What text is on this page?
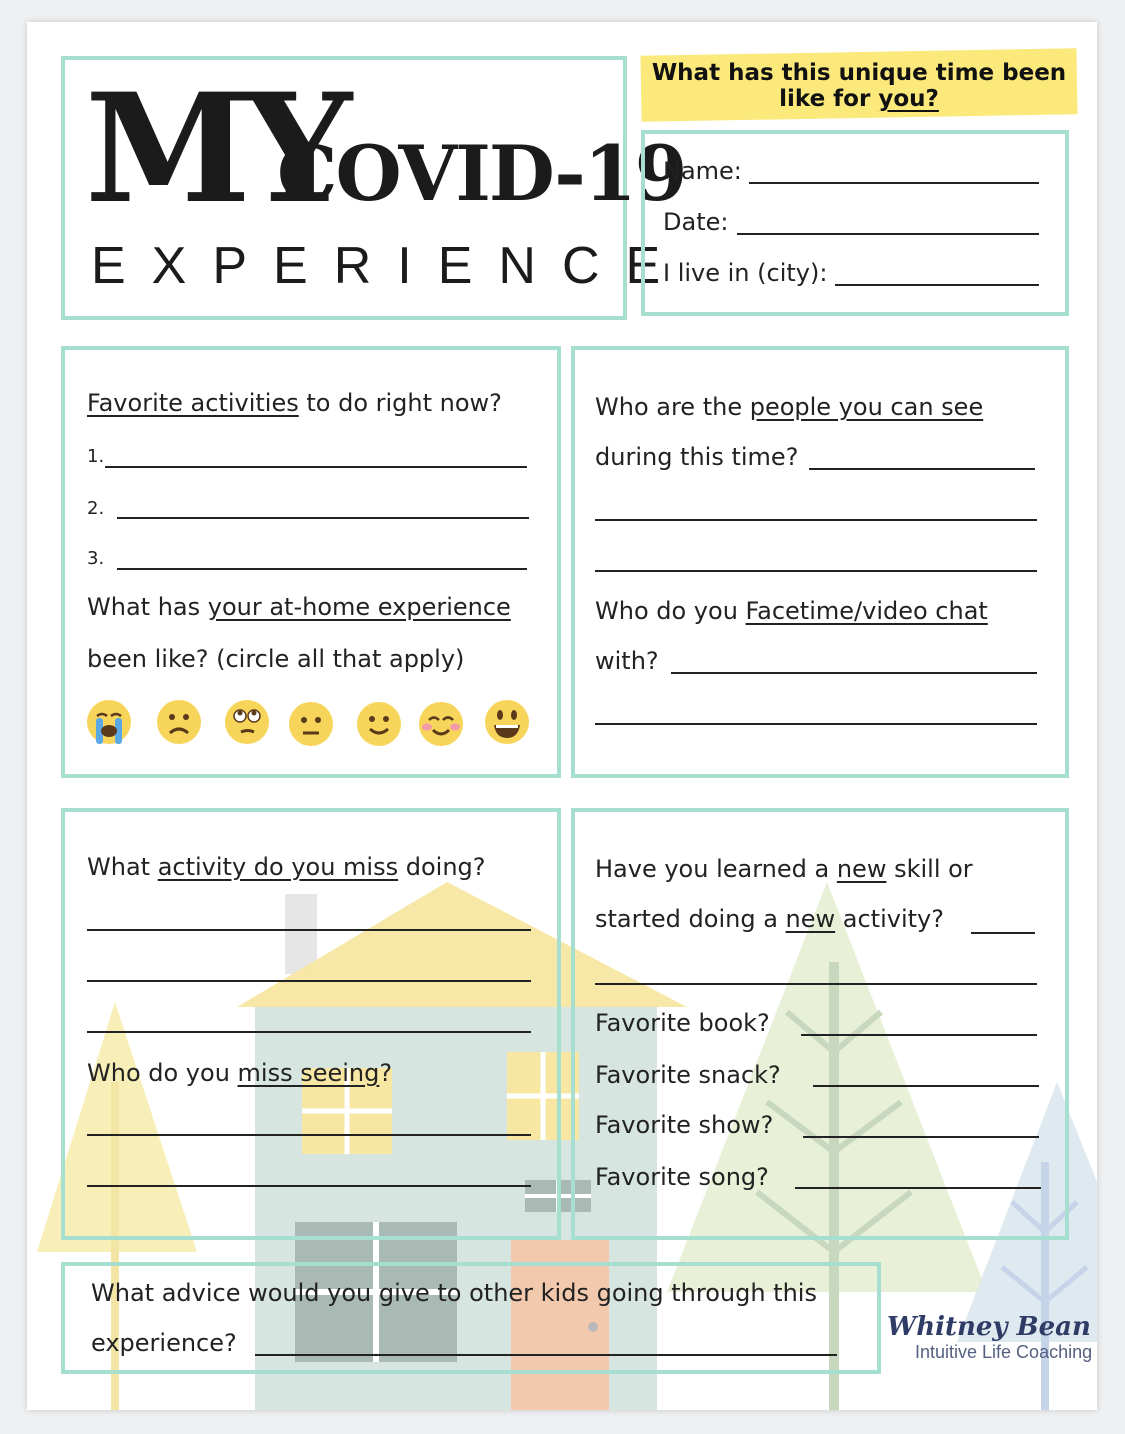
MY
COVID-19
EXPERIENCE
What has this unique time been
like for you?
Name:
Date:
I live in (city):
Favorite activities to do right now?
1.
2.
3.
What has your at-home experience
been like? (circle all that apply)
Who are the people you can see
during this time?
Who do you Facetime/video chat
with?
What activity do you miss doing?
Who do you miss seeing?
Have you learned a new skill or
started doing a new activity?
Favorite book?
Favorite snack?
Favorite show?
Favorite song?
What advice would you give to other kids going through this
experience?
Whitney Bean
Intuitive Life Coaching
